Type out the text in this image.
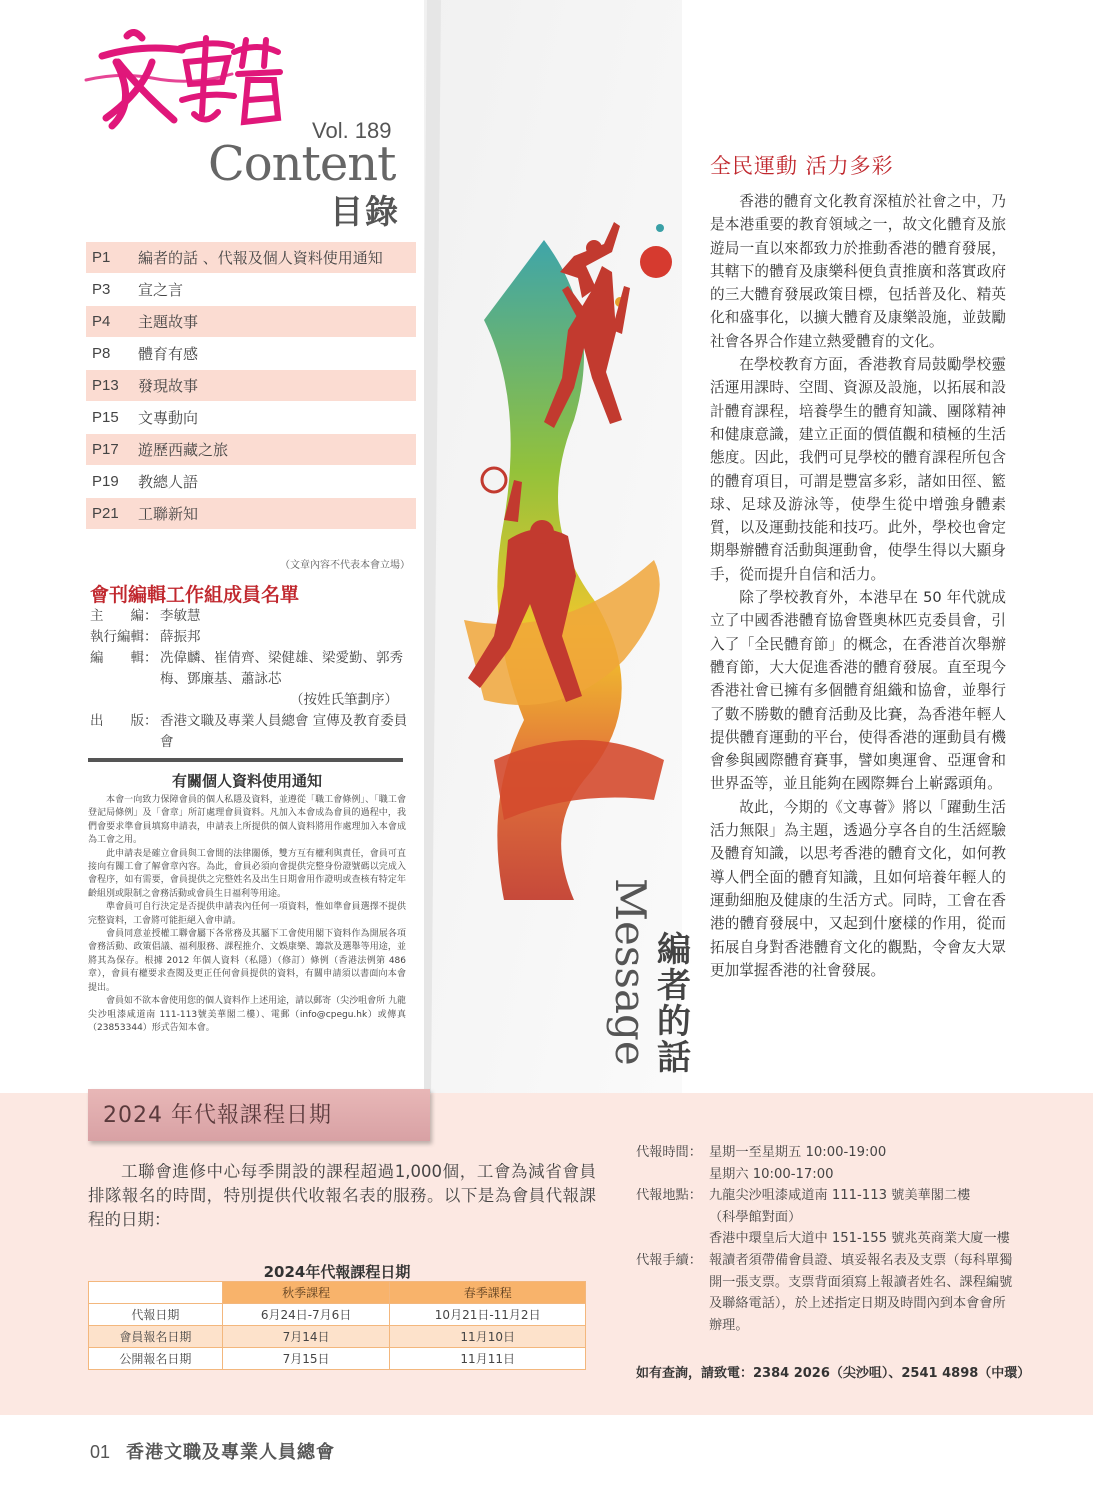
Vol. 189
Content
目錄
P1	編者的話 、代報及個人資料使用通知
P3	宣之言
P4	主題故事
P8	體育有感
P13	發現故事
P15	文專動向
P17	遊歷西藏之旅
P19	教總人語
P21	工聯新知
（文章內容不代表本會立場）
會刊編輯工作組成員名單
主　　編： 李敏慧
執行編輯： 薛振邦
編　　輯： 冼偉麟、崔倩齊、梁健雄、梁愛勤、郭秀梅、鄧廉基、蕭詠芯
（按姓氏筆劃序）
出　　版： 香港文職及專業人員總會 宣傳及教育委員會
有關個人資料使用通知

本會一向致力保障會員的個人私隱及資料，並遵從「職工會條例」、「職工會登記局條例」及「會章」所訂處理會員資料。凡加入本會成為會員的過程中，我們會要求準會員填寫申請表，申請表上所提供的個人資料將用作處理加入本會成為工會之用。

此申請表是確立會員與工會間的法律關係，雙方互有權利與責任，會員可直接向有關工會了解會章內容。為此，會員必須向會提供完整身份證號碼以完成入會程序，如有需要，會員提供之完整姓名及出生日期會用作證明或查核有特定年齡組別或限制之會務活動或會員生日福利等用途。

準會員可自行決定是否提供申請表內任何一項資料，惟如準會員選擇不提供完整資料，工會將可能拒絕入會申請。

會員同意並授權工聯會屬下各常務及其屬下工會使用閣下資料作為開展各項會務活動、政策倡議、福利服務、課程推介、文娛康樂、籌款及選舉等用途，並將其為保存。根據 2012 年個人資料（私隱）（修訂）條例（香港法例第 486 章），會員有權要求查閱及更正任何會員提供的資料，有關申請須以書面向本會提出。

會員如不欲本會使用您的個人資料作上述用途，請以郵寄（尖沙咀會所 九龍尖沙咀漆咸道南 111-113號美華閣二樓）、電郵（info@cpegu.hk）或傳真（23853344）形式告知本會。	Message 編
者
的
話
全民運動 活力多彩

香港的體育文化教育深植於社會之中，乃是本港重要的教育領域之一，故文化體育及旅遊局一直以來都致力於推動香港的體育發展，其轄下的體育及康樂科便負責推廣和落實政府的三大體育發展政策目標，包括普及化、精英化和盛事化，以擴大體育及康樂設施，並鼓勵社會各界合作建立熱愛體育的文化。

在學校教育方面，香港教育局鼓勵學校靈活運用課時、空間、資源及設施，以拓展和設計體育課程，培養學生的體育知識、團隊精神和健康意識，建立正面的價值觀和積極的生活態度。因此，我們可見學校的體育課程所包含的體育項目，可謂是豐富多彩，諸如田徑、籃球、足球及游泳等，使學生從中增強身體素質，以及運動技能和技巧。此外，學校也會定期舉辦體育活動與運動會，使學生得以大顯身手，從而提升自信和活力。

除了學校教育外，本港早在 50 年代就成立了中國香港體育協會暨奧林匹克委員會，引入了「全民體育節」的概念，在香港首次舉辦體育節，大大促進香港的體育發展。直至現今香港社會已擁有多個體育組織和協會，並舉行了數不勝數的體育活動及比賽，為香港年輕人提供體育運動的平台，使得香港的運動員有機會參與國際體育賽事，譬如奧運會、亞運會和世界盃等，並且能夠在國際舞台上嶄露頭角。

故此，今期的《文專薈》將以「躍動生活 活力無限」為主題，透過分享各自的生活經驗及體育知識，以思考香港的體育文化，如何教導人們全面的體育知識，且如何培養年輕人的運動細胞及健康的生活方式。同時，工會在香港的體育發展中，又起到什麼樣的作用，從而拓展自身對香港體育文化的觀點，令會友大眾更加掌握香港的社會發展。

2024 年代報課程日期

工聯會進修中心每季開設的課程超過1,000個，工會為減省會員排隊報名的時間，特別提供代收報名表的服務。以下是為會員代報課程的日期：

2024年代報課程日期
	秋季課程	春季課程
代報日期	6月24日-7月6日	10月21日-11月2日
會員報名日期	7月14日	11月10日
公開報名日期	7月15日	11月11日
代報時間： 星期一至星期五 10:00-19:00
星期六 10:00-17:00
代報地點： 九龍尖沙咀漆咸道南 111-113 號美華閣二樓
（科學館對面）
香港中環皇后大道中 151-155 號兆英商業大廈一樓
代報手續： 報讀者須帶備會員證、填妥報名表及支票（每科單獨開一張支票。支票背面須寫上報讀者姓名、課程編號及聯絡電話），於上述指定日期及時間內到本會會所辦理。
如有查詢，請致電：2384 2026（尖沙咀）、2541 4898（中環）
01 香港文職及專業人員總會
